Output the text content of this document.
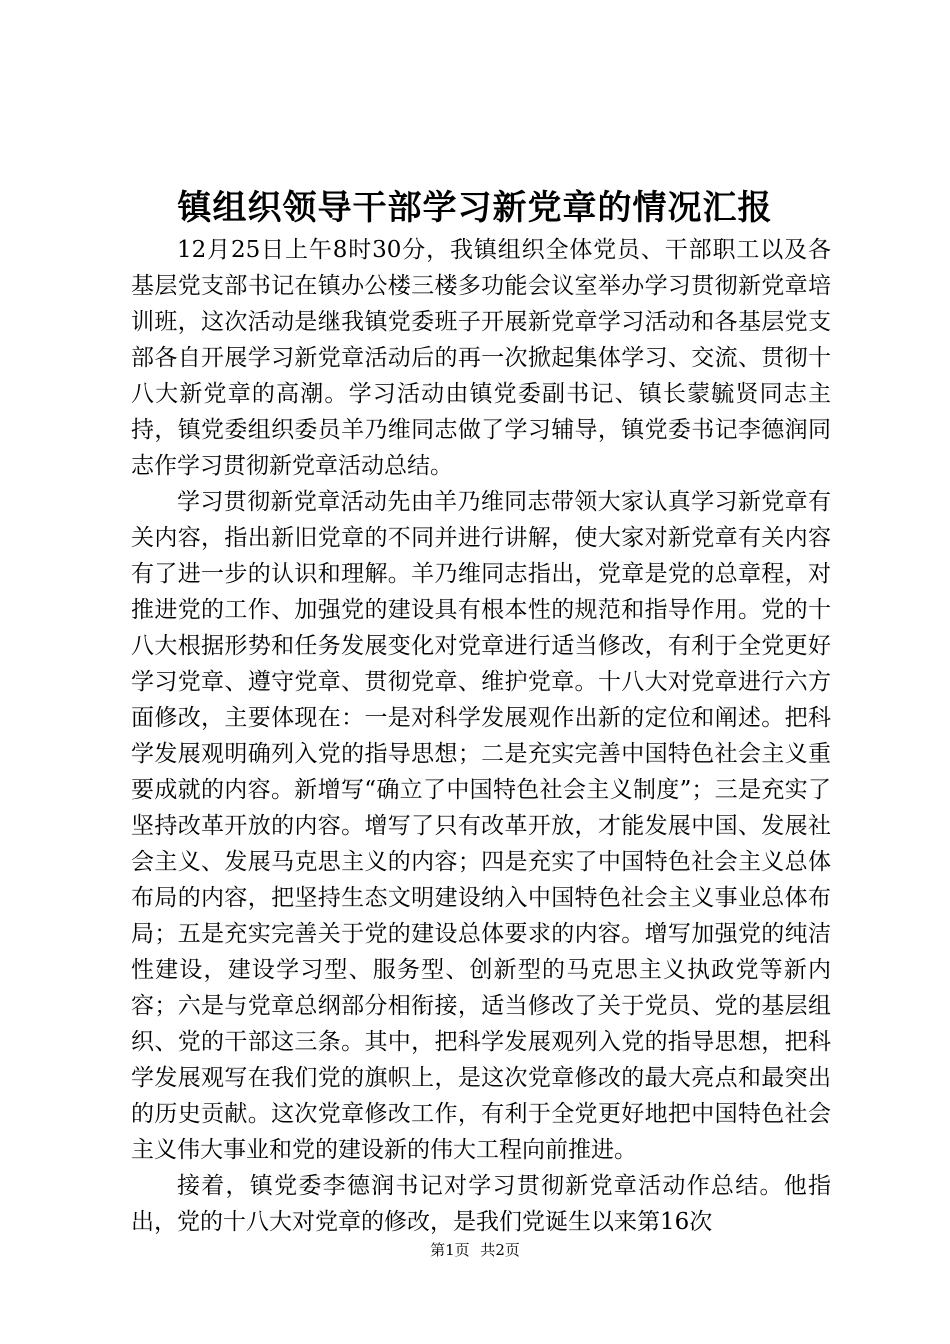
镇组织领导干部学习新党章的情况汇报

12月25日上午8时30分，我镇组织全体党员、干部职工以及各基层党支部书记在镇办公楼三楼多功能会议室举办学习贯彻新党章培训班，这次活动是继我镇党委班子开展新党章学习活动和各基层党支部各自开展学习新党章活动后的再一次掀起集体学习、交流、贯彻十八大新党章的高潮。学习活动由镇党委副书记、镇长蒙毓贤同志主持，镇党委组织委员羊乃维同志做了学习辅导，镇党委书记李德润同志作学习贯彻新党章活动总结。

学习贯彻新党章活动先由羊乃维同志带领大家认真学习新党章有关内容，指出新旧党章的不同并进行讲解，使大家对新党章有关内容有了进一步的认识和理解。羊乃维同志指出，党章是党的总章程，对推进党的工作、加强党的建设具有根本性的规范和指导作用。党的十八大根据形势和任务发展变化对党章进行适当修改，有利于全党更好学习党章、遵守党章、贯彻党章、维护党章。十八大对党章进行六方面修改，主要体现在：一是对科学发展观作出新的定位和阐述。把科学发展观明确列入党的指导思想；二是充实完善中国特色社会主义重要成就的内容。新增写“确立了中国特色社会主义制度”；三是充实了坚持改革开放的内容。增写了只有改革开放，才能发展中国、发展社会主义、发展马克思主义的内容；四是充实了中国特色社会主义总体布局的内容，把坚持生态文明建设纳入中国特色社会主义事业总体布局；五是充实完善关于党的建设总体要求的内容。增写加强党的纯洁性建设，建设学习型、服务型、创新型的马克思主义执政党等新内容；六是与党章总纲部分相衔接，适当修改了关于党员、党的基层组织、党的干部这三条。其中，把科学发展观列入党的指导思想，把科学发展观写在我们党的旗帜上，是这次党章修改的最大亮点和最突出的历史贡献。这次党章修改工作，有利于全党更好地把中国特色社会主义伟大事业和党的建设新的伟大工程向前推进。

接着，镇党委李德润书记对学习贯彻新党章活动作总结。他指出，党的十八大对党章的修改，是我们党诞生以来第16次

第1页 共2页
